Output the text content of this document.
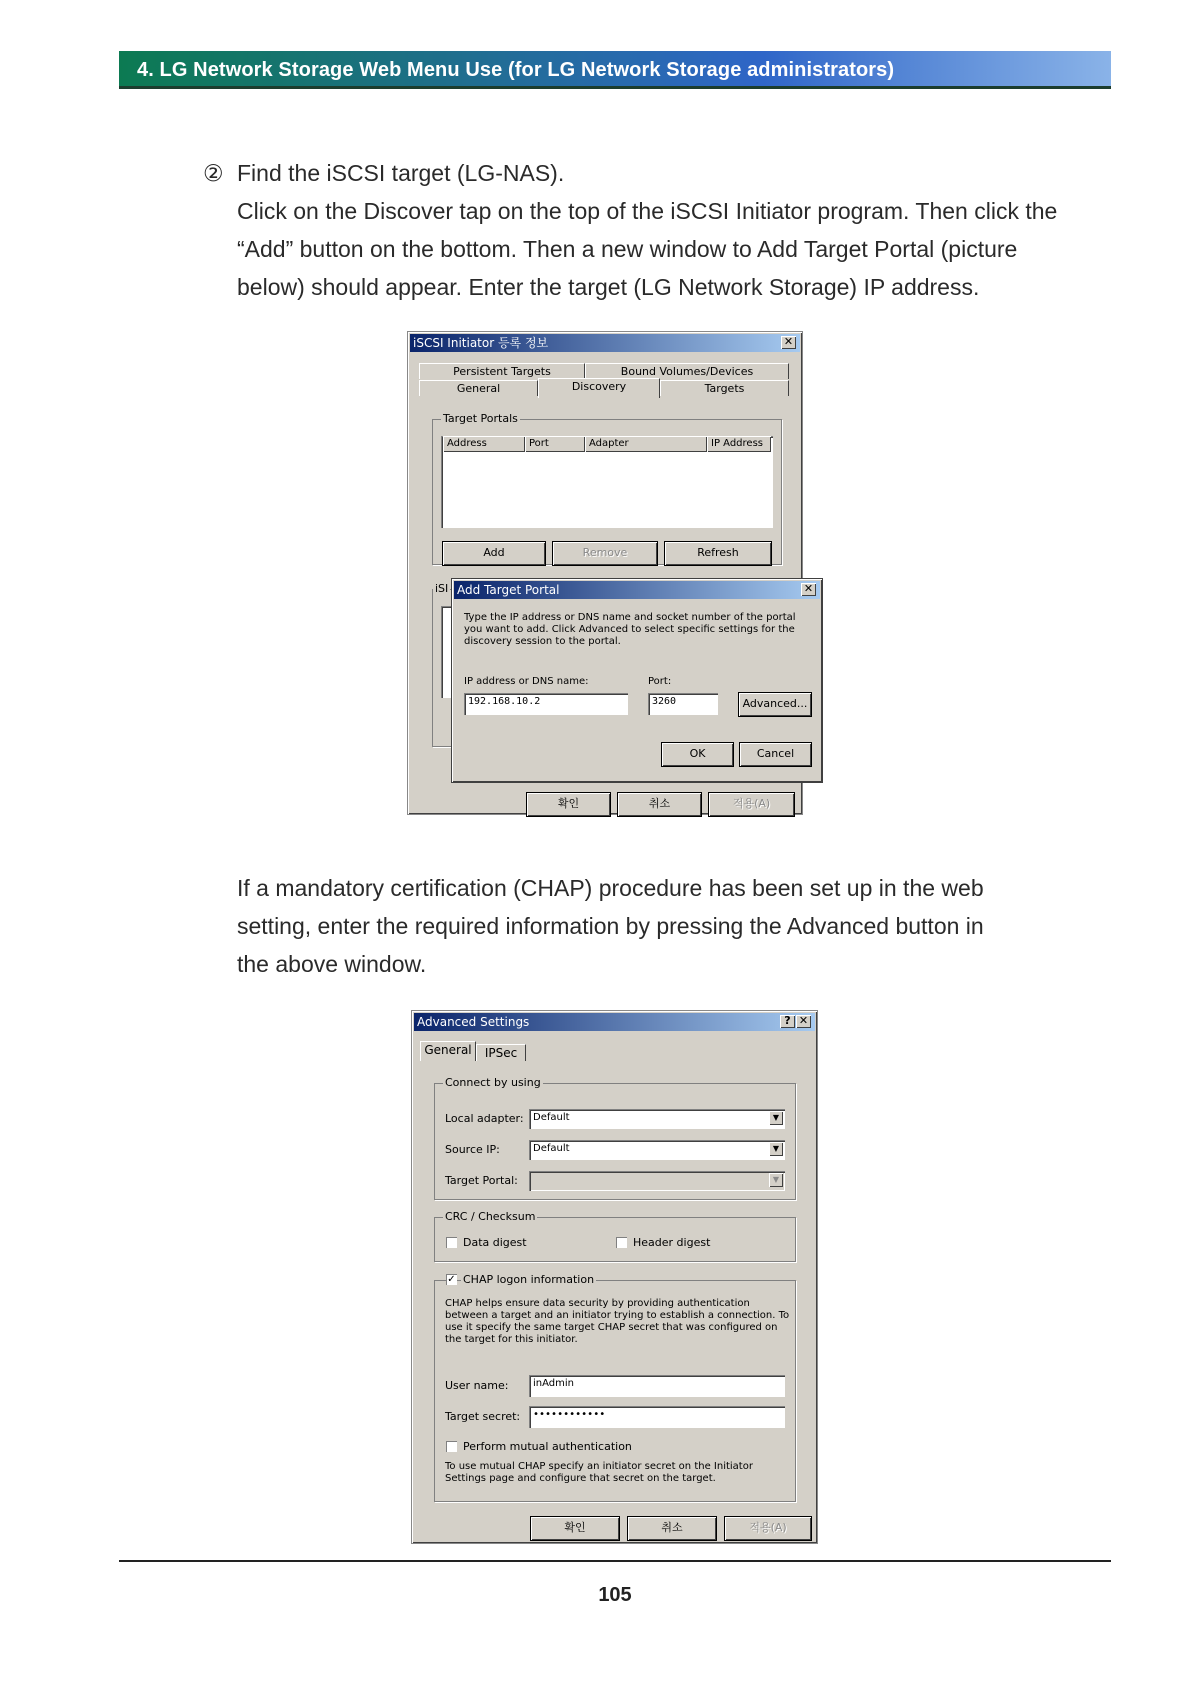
4. LG Network Storage Web Menu Use (for LG Network Storage administrators)
② Find the iSCSI target (LG-NAS).
Click on the Discover tap on the top of the iSCSI Initiator program. Then click the
“Add” button on the bottom. Then a new window to Add Target Portal (picture
below) should appear. Enter the target (LG Network Storage) IP address.
iSCSI Initiator 등록 정보	✕
Persistent Targets	Bound Volumes/Devices
General	Discovery	Targets
Target Portals
Address	Port	Adapter	IP Address
Add	Remove	Refresh
iSI
확인	취소	적용(A)
Add Target Portal	✕
Type the IP address or DNS name and socket number of the portal you want to add. Click Advanced to select specific settings for the discovery session to the portal.
IP address or DNS name:
192.168.10.2
Port:
3260	Advanced...
OK	Cancel
If a mandatory certification (CHAP) procedure has been set up in the web
setting, enter the required information by pressing the Advanced button in
the above window.
Advanced Settings	? ✕
General	IPSec
Connect by using
Local adapter: Default	▼
Source IP:	Default	▼
Target Portal:	▼
CRC / Checksum
Data digest	Header digest
✓ CHAP logon information
CHAP helps ensure data security by providing authentication between a target and an initiator trying to establish a connection. To use it specify the same target CHAP secret that was configured on the target for this initiator.
User name: inAdmin
Target secret: ••••••••••••
Perform mutual authentication
To use mutual CHAP specify an initiator secret on the Initiator Settings page and configure that secret on the target.
확인	취소	적용(A)
105
